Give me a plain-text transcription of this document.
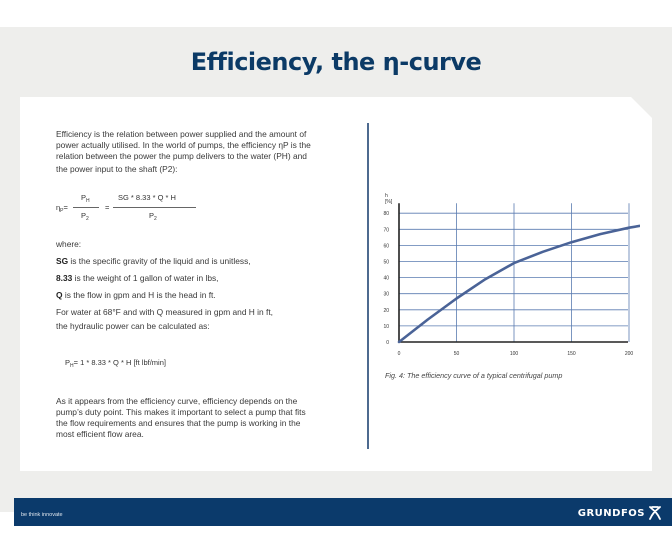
Efficiency, the η-curve
Efficiency is the relation between power supplied and the amount of
power actually utilised. In the world of pumps, the efficiency ηP is the
relation between the power the pump delivers to the water (PH) and
the power input to the shaft (P2):
$\eta_P=$
$P_H$
$P_2$
=
SG * 8.33 * Q * H
$P_2$
where:
SG is the specific gravity of the liquid and is unitless,
8.33 is the weight of 1 gallon of water in lbs,
Q is the flow in gpm and H is the head in ft.
For water at 68°F and with Q measured in gpm and H in ft,
the hydraulic power can be calculated as:
$P_H= 1 * 8.33 * Q * H$ [ft lbf/min]
As it appears from the efficiency curve, efficiency depends on the
pump’s duty point. This makes it important to select a pump that fits
the flow requirements and ensures that the pump is working in the
most efficient flow area.
0
10
20
30
40
50
60
70
80
0	50	100	150	200
h
[%]
Fig. 4: The efficiency curve of a typical centrifugal pump
be think innovate	GRUNDFOS
